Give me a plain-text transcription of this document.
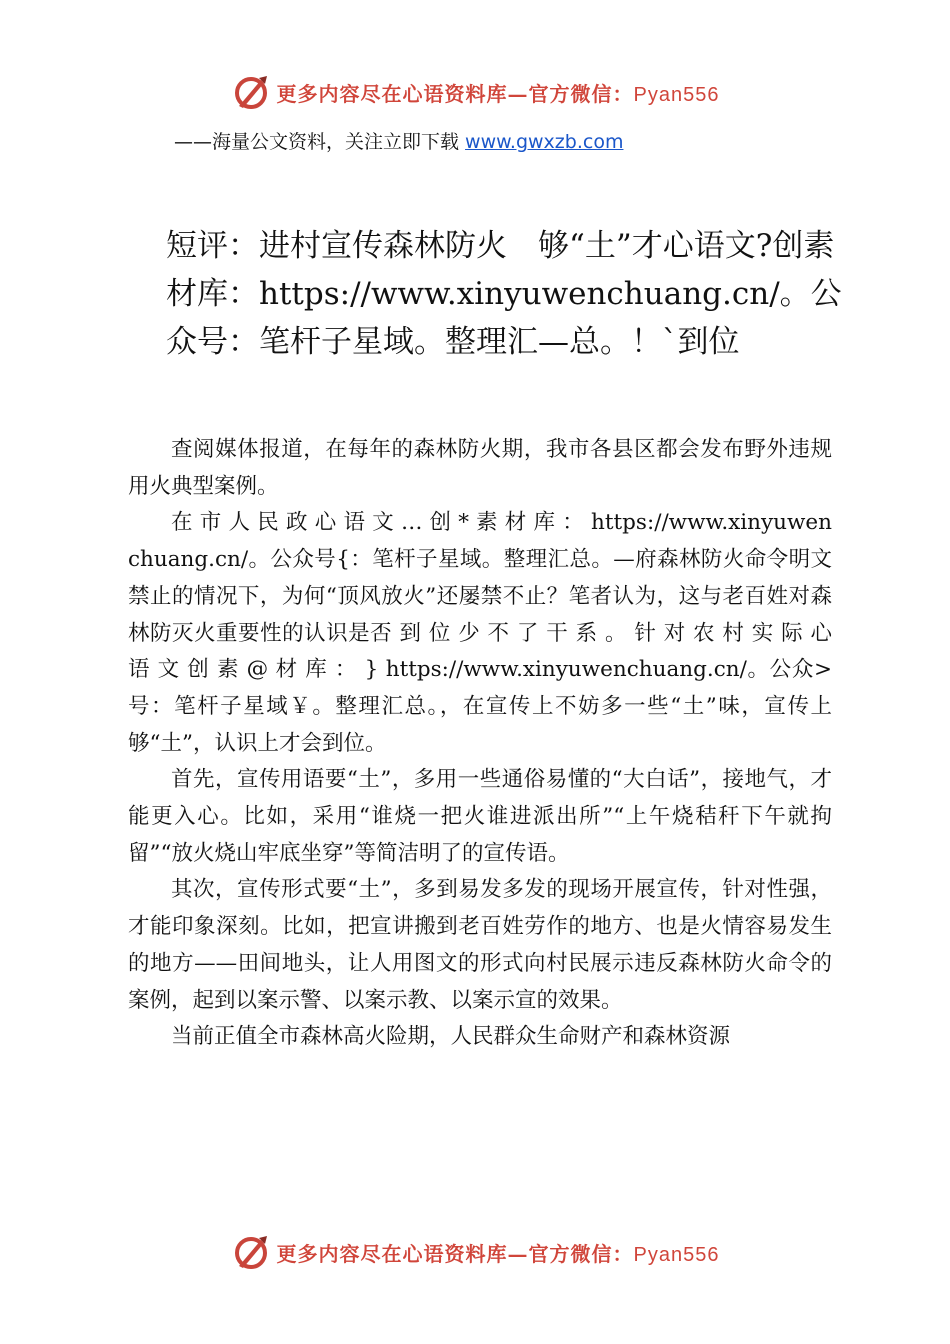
更多内容尽在心语资料库—官方微信：Pyan556
——海量公文资料，关注立即下载 www.gwxzb.com
短评：进村宣传森林防火　够“土”才心语文?创素材库：https://www.xinyuwenchuang.cn/。公众号：笔杆子星域。整理汇—总。！`到位

查阅媒体报道，在每年的森林防火期，我市各县区都会发布野外违规用火典型案例。

在 市 人 民 政 心 语 文 … 创 * 素 材 库 ： https://www.xinyuwenchuang.cn/。公众号{：笔杆子星域。整理汇总。—府森林防火命令明文禁止的情况下，为何“顶风放火”还屡禁不止？笔者认为，这与老百姓对森林防灭火重要性的认识是否 到 位 少 不 了 干 系 。 针 对 农 村 实 际 心 语 文 创 素 @ 材 库 ： } https://www.xinyuwenchuang.cn/。公众>号：笔杆子星域￥。整理汇总。，在宣传上不妨多一些“土”味，宣传上够“土”，认识上才会到位。

首先，宣传用语要“土”，多用一些通俗易懂的“大白话”，接地气，才能更入心。比如，采用“谁烧一把火谁进派出所”“上午烧秸秆下午就拘留”“放火烧山牢底坐穿”等简洁明了的宣传语。

其次，宣传形式要“土”，多到易发多发的现场开展宣传，针对性强，才能印象深刻。比如，把宣讲搬到老百姓劳作的地方、也是火情容易发生的地方——田间地头，让人用图文的形式向村民展示违反森林防火命令的案例，起到以案示警、以案示教、以案示宣的效果。

当前正值全市森林高火险期，人民群众生命财产和森林资源

更多内容尽在心语资料库—官方微信：Pyan556
